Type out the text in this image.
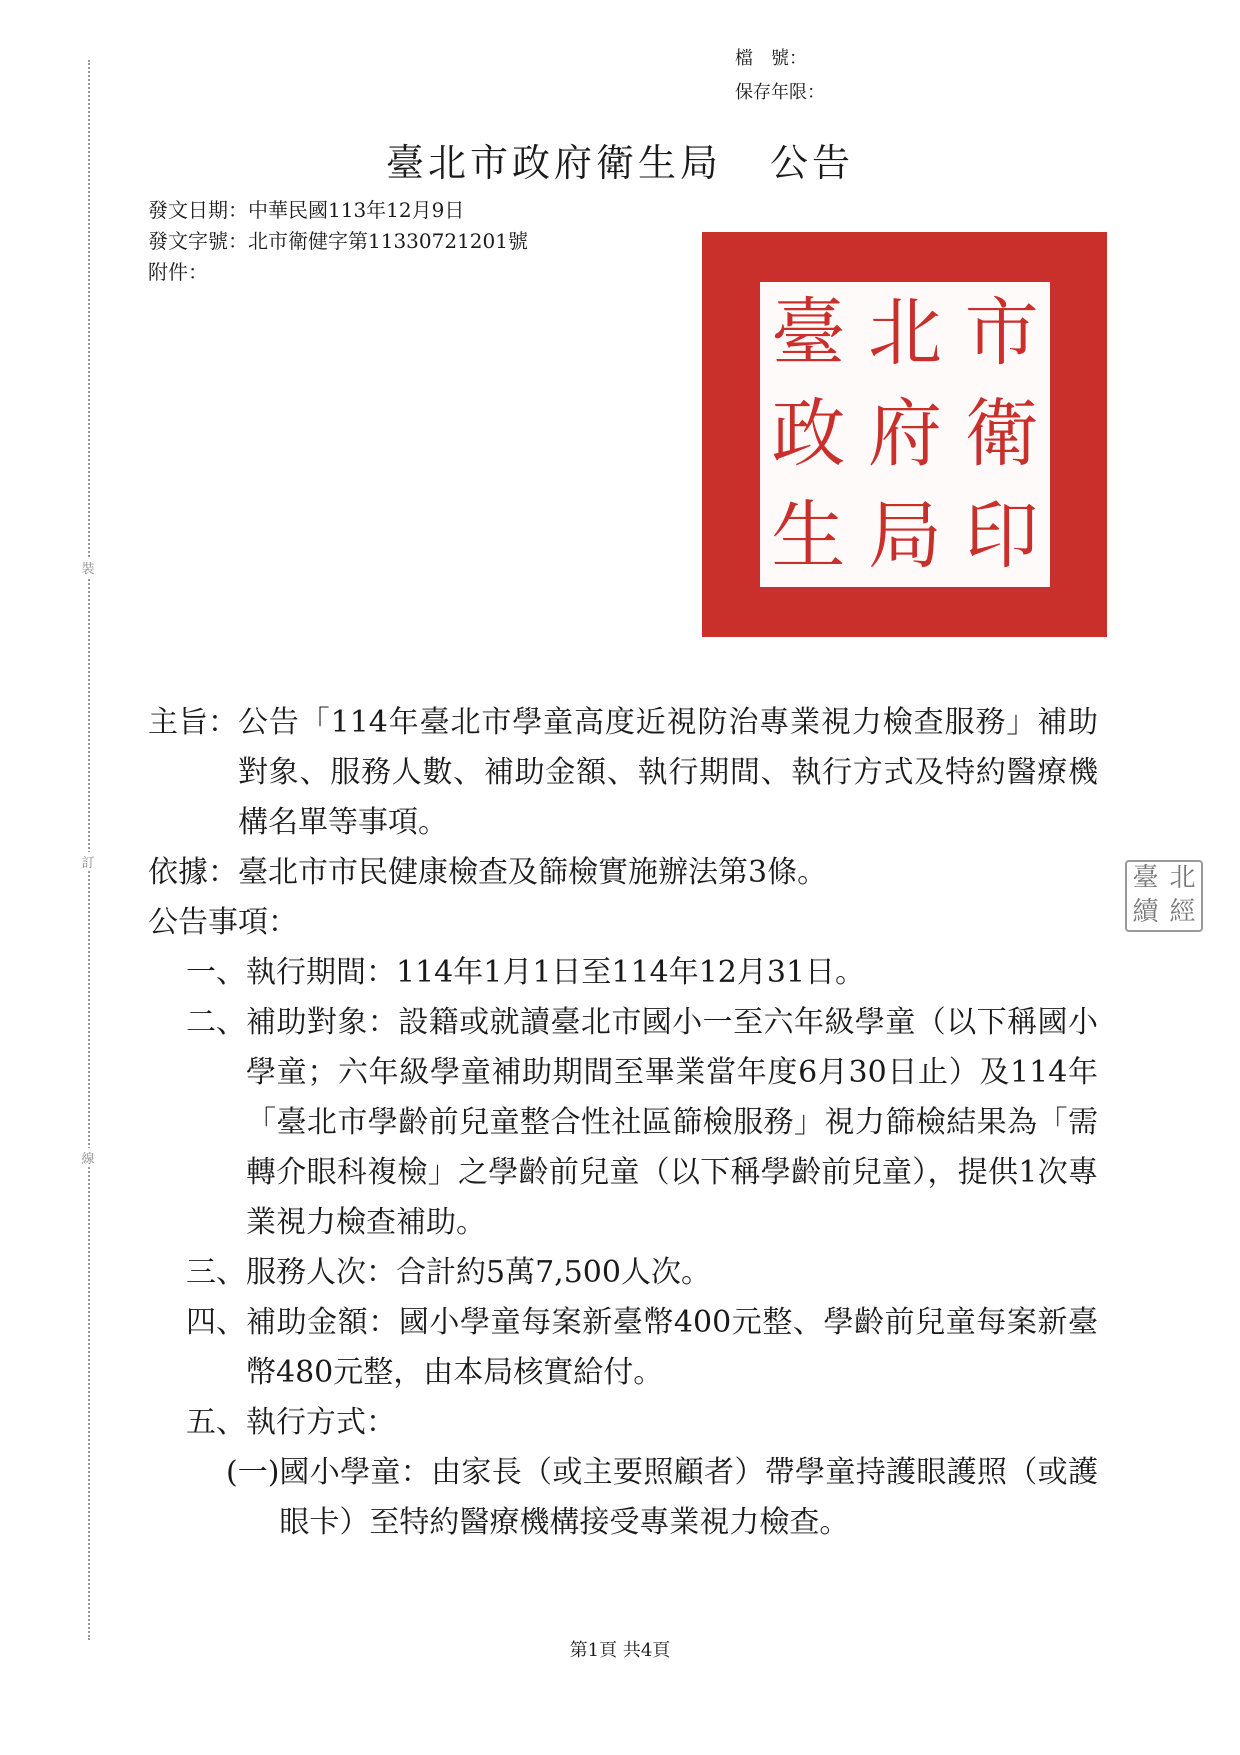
裝
訂
線
檔　號：
保存年限：
臺北市政府衛生局 公告
發文日期：中華民國113年12月9日
發文字號：北市衛健字第11330721201號
附件：
臺 北 市
政 府 衛
生 局 印
臺 北
續 經
主旨： 公告「114年臺北市學童高度近視防治專業視力檢查服務」補助對象、服務人數、補助金額、執行期間、執行方式及特約醫療機構名單等事項。
依據： 臺北市市民健康檢查及篩檢實施辦法第3條。
公告事項：
一、 執行期間：114年1月1日至114年12月31日。
二、 補助對象：設籍或就讀臺北市國小一至六年級學童（以下稱國小學童；六年級學童補助期間至畢業當年度6月30日止）及114年「臺北市學齡前兒童整合性社區篩檢服務」視力篩檢結果為「需轉介眼科複檢」之學齡前兒童（以下稱學齡前兒童），提供1次專業視力檢查補助。
三、 服務人次：合計約5萬7,500人次。
四、 補助金額：國小學童每案新臺幣400元整、學齡前兒童每案新臺幣480元整，由本局核實給付。
五、 執行方式：
(一) 國小學童：由家長（或主要照顧者）帶學童持護眼護照（或護眼卡）至特約醫療機構接受專業視力檢查。
第1頁 共4頁
